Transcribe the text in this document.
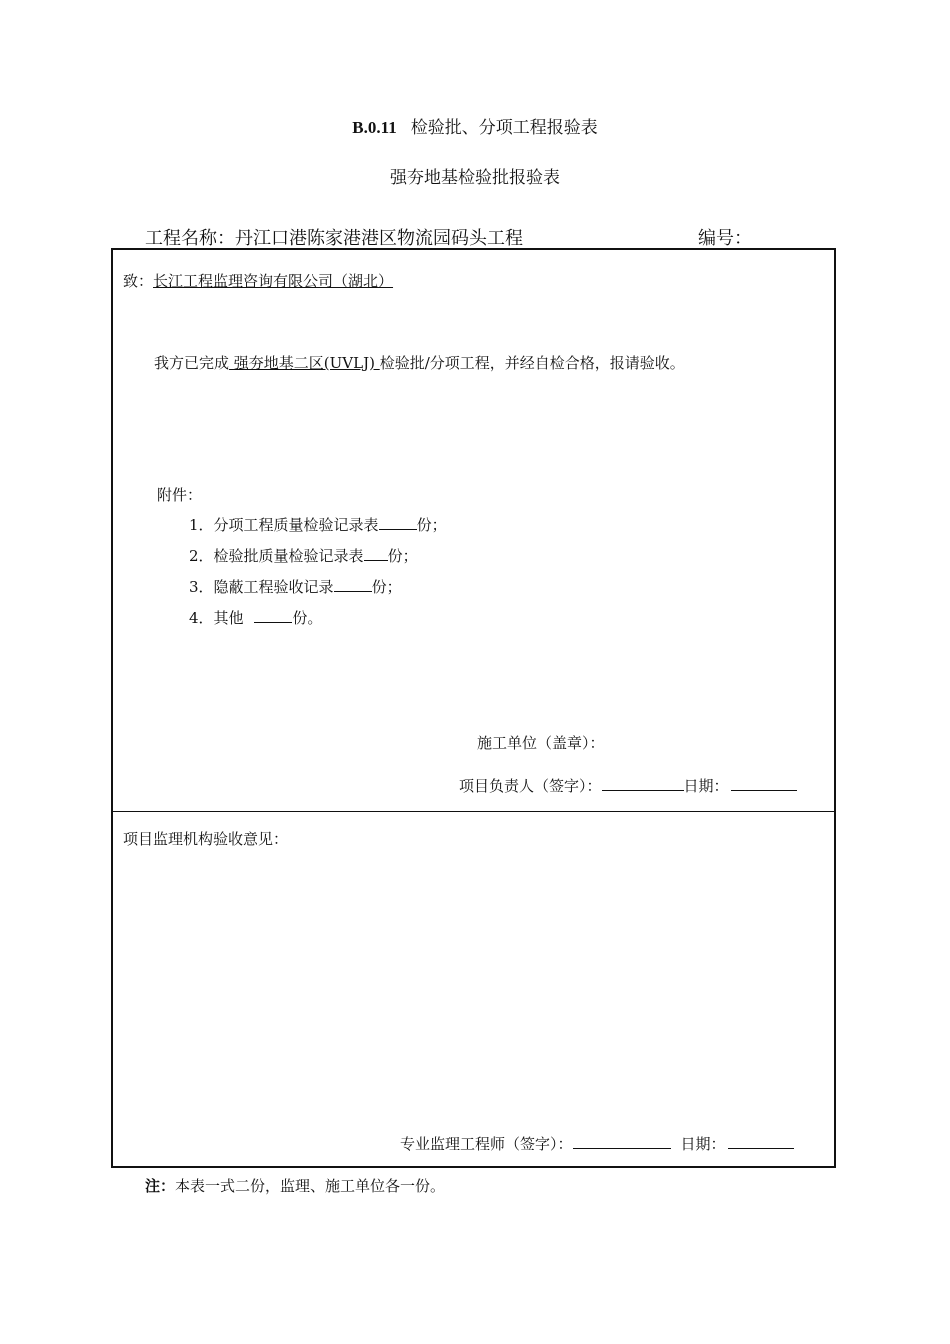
B.0.11 检验批、分项工程报验表
强夯地基检验批报验表
工程名称：丹江口港陈家港港区物流园码头工程	编号：
致：长江工程监理咨询有限公司（湖北）
我方已完成 强夯地基二区(UVLJ) 检验批/分项工程，并经自检合格，报请验收。
附件：
1．分项工程质量检验记录表	份；
2．检验批质量检验记录表 份；
3．隐蔽工程验收记录	份；
4．其他	份。
施工单位（盖章）：
项目负责人（签字）：	日期：
项目监理机构验收意见：
专业监理工程师（签字）：	日期：
注：本表一式二份，监理、施工单位各一份。
